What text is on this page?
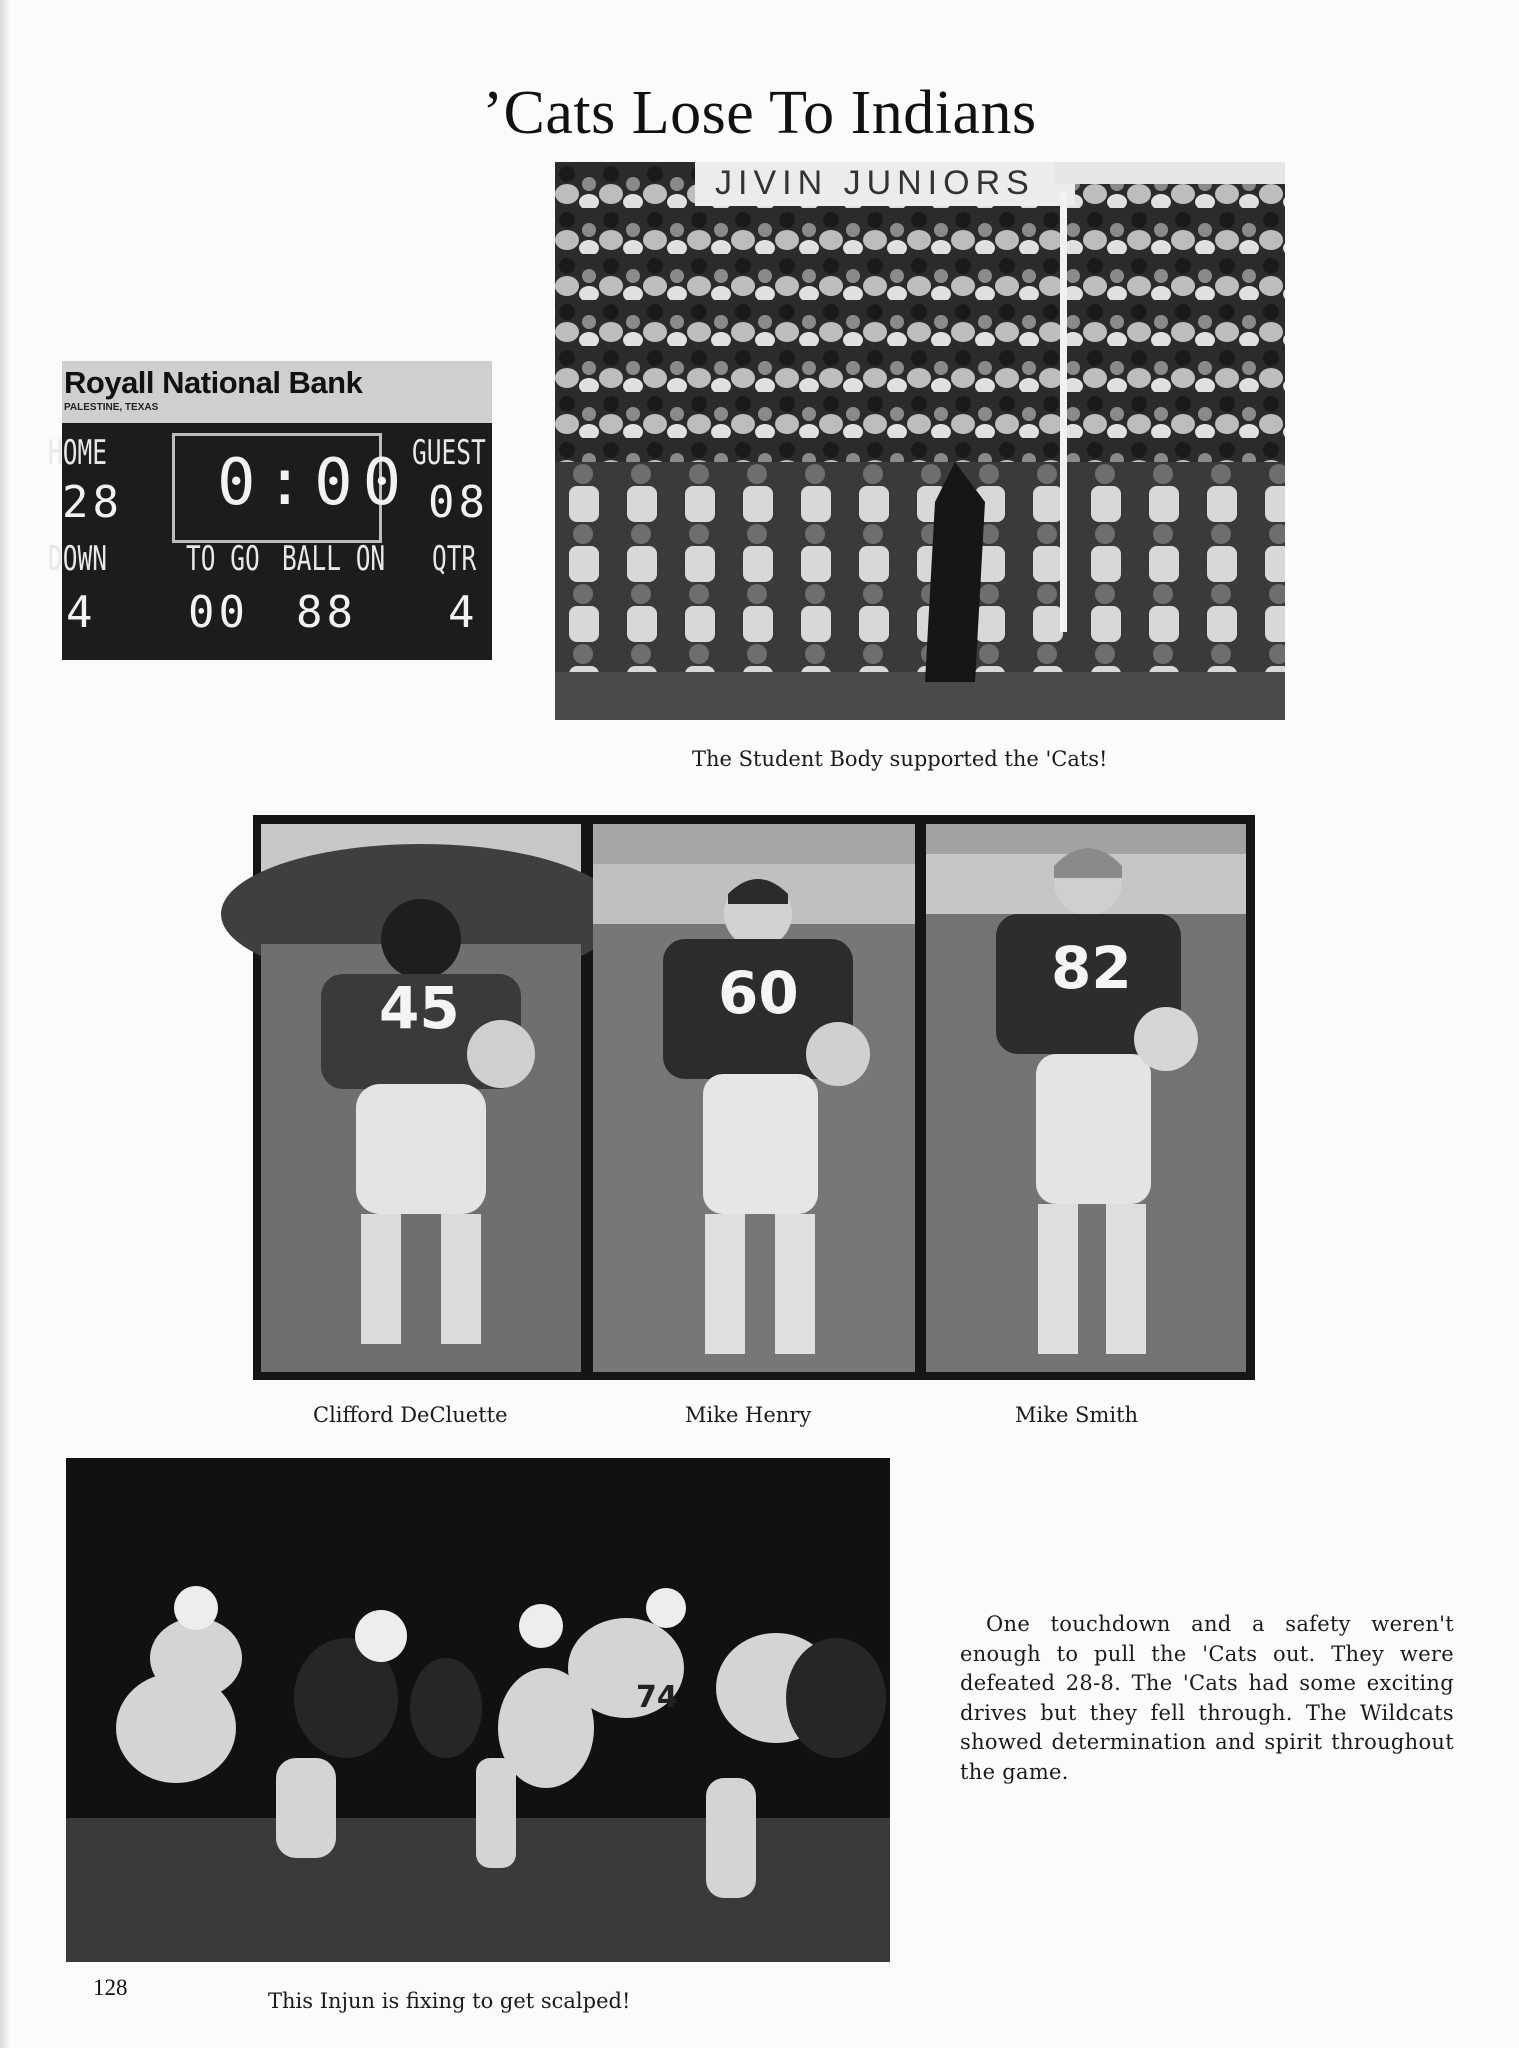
’Cats Lose To Indians
Royall National Bank
PALESTINE, TEXAS
HOME	GUEST
28	08
0:00
DOWN TO GO BALL ON QTR
4 00 88 4
JIVIN JUNIORS
The Student Body supported the 'Cats!
45	60	82
Clifford DeCluette	Mike Henry	Mike Smith
74
This Injun is fixing to get scalped!
One touchdown and a safety weren't enough to pull the 'Cats out. They were defeated 28-8. The 'Cats had some exciting drives but they fell through. The Wildcats showed determination and spirit throughout the game.
128
